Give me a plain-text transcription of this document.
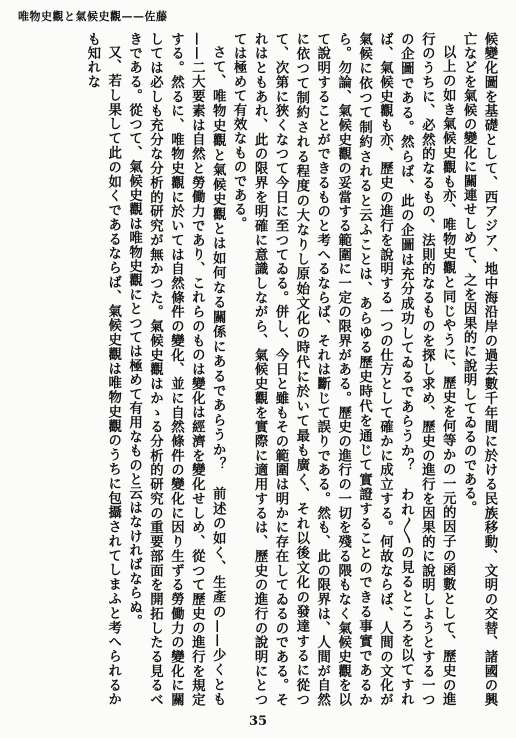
唯物史觀と氣候史觀——佐藤

候變化圖を基礎として、西アジア、地中海沿岸の過去數千年間に於ける民族移動、文明の交替、諸國の興亡などを氣候の變化に關連せしめて、之を因果的に說明してゐるのである。

以上の如き氣候史觀も亦、唯物史觀と同じやうに、歷史を何等かの一元的因子の函數として、歷史の進行のうちに、必然的なるもの、法則的なるものを探し求め、歷史の進行を因果的に說明しようとする一つの企圖である。然らば、此の企圖は充分成功してゐるであらうか？　われ〳〵の見るところを以てすれば、氣候史觀も亦、歷史の進行を說明する一つの仕方として確かに成立する。何故ならば、人間の文化が氣候に依つて制約されると云ふことは、あらゆる歷史時代を通じて實證することのできる事實であるから。勿論、氣候史觀の妥當する範圍に一定の限界がある。歷史の進行の一切を殘る隈もなく氣候史觀を以て說明することができるものと考へるならば、それは斷じて誤りである。然も、此の限界は、人間が自然に依つて制約される程度の大なりし原始文化の時代に於いて最も廣く、それ以後文化の發達するに從つて、次第に狹くなつて今日に至つてゐる。併し、今日と雖もその範圍は明かに存在してゐるのである。それはともあれ、此の限界を明確に意識しながら、氣候史觀を實際に適用するは、歷史の進行の說明にとつては極めて有效なものである。

さて、唯物史觀と氣候史觀とは如何なる關係にあるであらうか？　前述の如く、生產の——少くとも——二大要素は自然と勞働力であり、これらのものは變化は經濟を變化せしめ、從つて歷史の進行を規定する。然るに、唯物史觀に於いては自然條件の變化、並に自然條件の變化に因り生ずる勞働力の變化に關しては必しも充分な分析的研究が無かつた。氣候史觀はかゝる分析的研究の重要部面を開拓したる見るべきである。從つて、氣候史觀は唯物史觀にとつては極めて有用なものと云はなければならぬ。

又、若し果して此の如くであるならば、氣候史觀は唯物史觀のうちに包攝されてしまふと考へられるかも知れな

35
